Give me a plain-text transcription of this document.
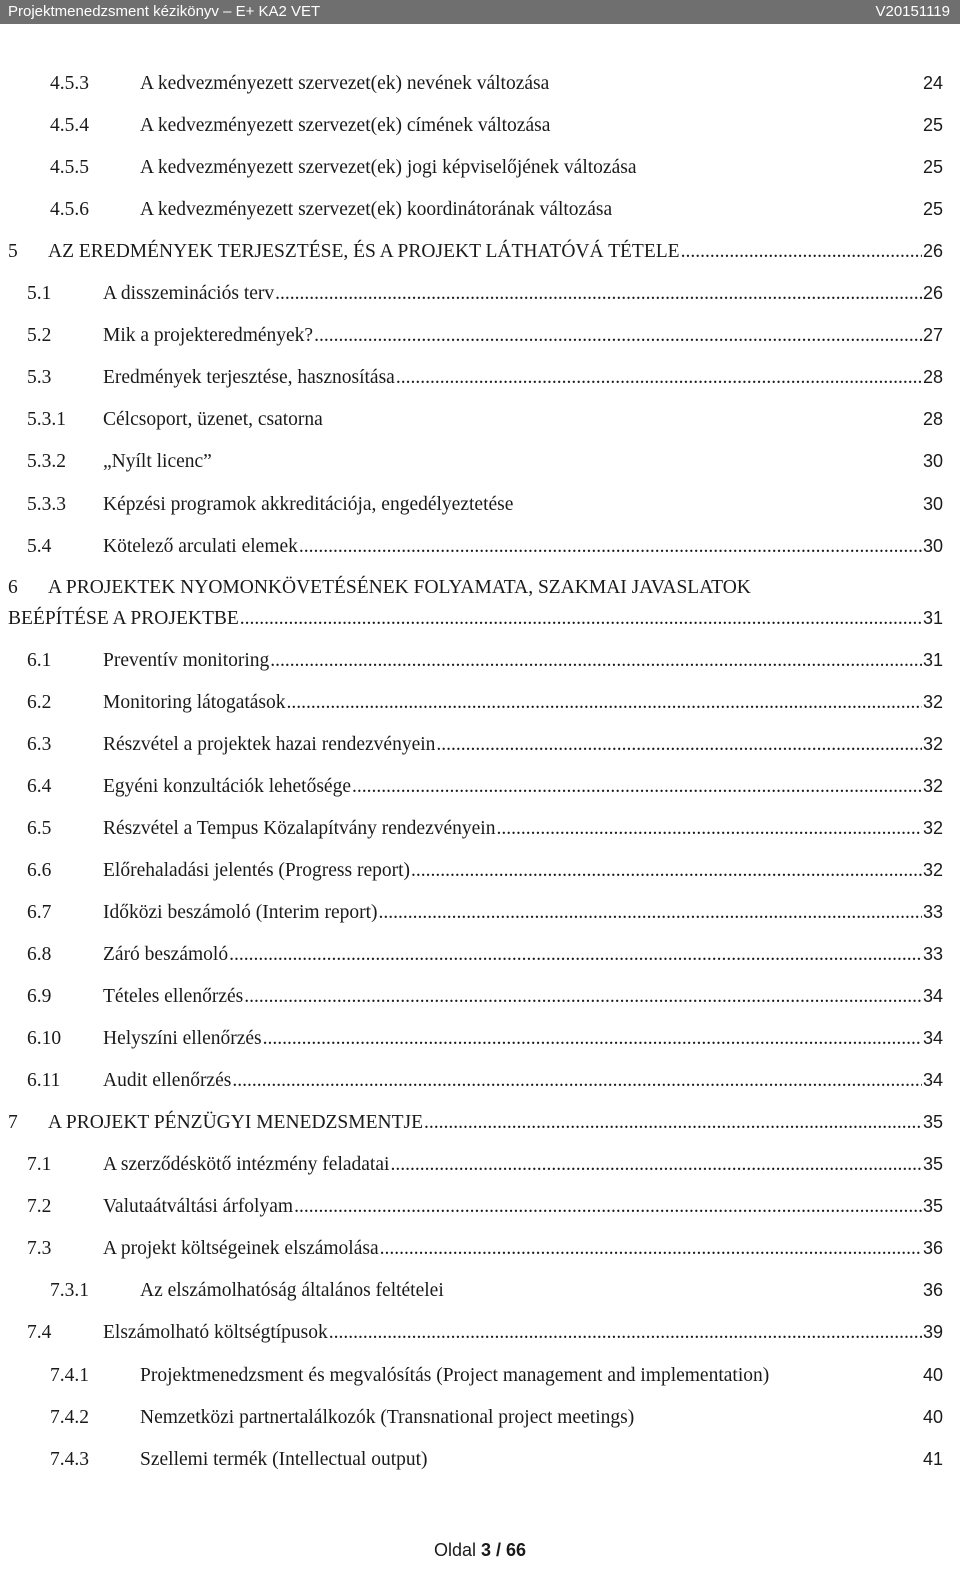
Projektmenedzsment kézikönyv – E+ KA2 VET	V20151119
4.5.3	A kedvezményezett szervezet(ek) nevének változása	24
4.5.4	A kedvezményezett szervezet(ek) címének változása	25
4.5.5	A kedvezményezett szervezet(ek) jogi képviselőjének változása	25
4.5.6	A kedvezményezett szervezet(ek) koordinátorának változása	25
5	AZ EREDMÉNYEK TERJESZTÉSE, ÉS A PROJEKT LÁTHATÓVÁ TÉTELE .....	26
5.1	A disszeminációs terv .....	26
5.2	Mik a projekteredmények? .....	27
5.3	Eredmények terjesztése, hasznosítása .....	28
5.3.1	Célcsoport, üzenet, csatorna	28
5.3.2	„Nyílt licenc”	30
5.3.3	Képzési programok akkreditációja, engedélyeztetése	30
5.4	Kötelező arculati elemek .....	30
6	A PROJEKTEK NYOMONKÖVETÉSÉNEK FOLYAMATA, SZAKMAI JAVASLATOK
BEÉPÍTÉSE A PROJEKTBE .....	31
6.1	Preventív monitoring .....	31
6.2	Monitoring látogatások .....	32
6.3	Részvétel a projektek hazai rendezvényein .....	32
6.4	Egyéni konzultációk lehetősége .....	32
6.5	Részvétel a Tempus Közalapítvány rendezvényein .....	32
6.6	Előrehaladási jelentés (Progress report) .....	32
6.7	Időközi beszámoló (Interim report) .....	33
6.8	Záró beszámoló .....	33
6.9	Tételes ellenőrzés .....	34
6.10	Helyszíni ellenőrzés .....	34
6.11	Audit ellenőrzés .....	34
7	A PROJEKT PÉNZÜGYI MENEDZSMENTJE .....	35
7.1	A szerződéskötő intézmény feladatai .....	35
7.2	Valutaátváltási árfolyam .....	35
7.3	A projekt költségeinek elszámolása .....	36
7.3.1	Az elszámolhatóság általános feltételei	36
7.4	Elszámolható költségtípusok .....	39
7.4.1	Projektmenedzsment és megvalósítás (Project management and implementation)	40
7.4.2	Nemzetközi partnertalálkozók (Transnational project meetings)	40
7.4.3	Szellemi termék (Intellectual output)	41
Oldal 3 / 66
